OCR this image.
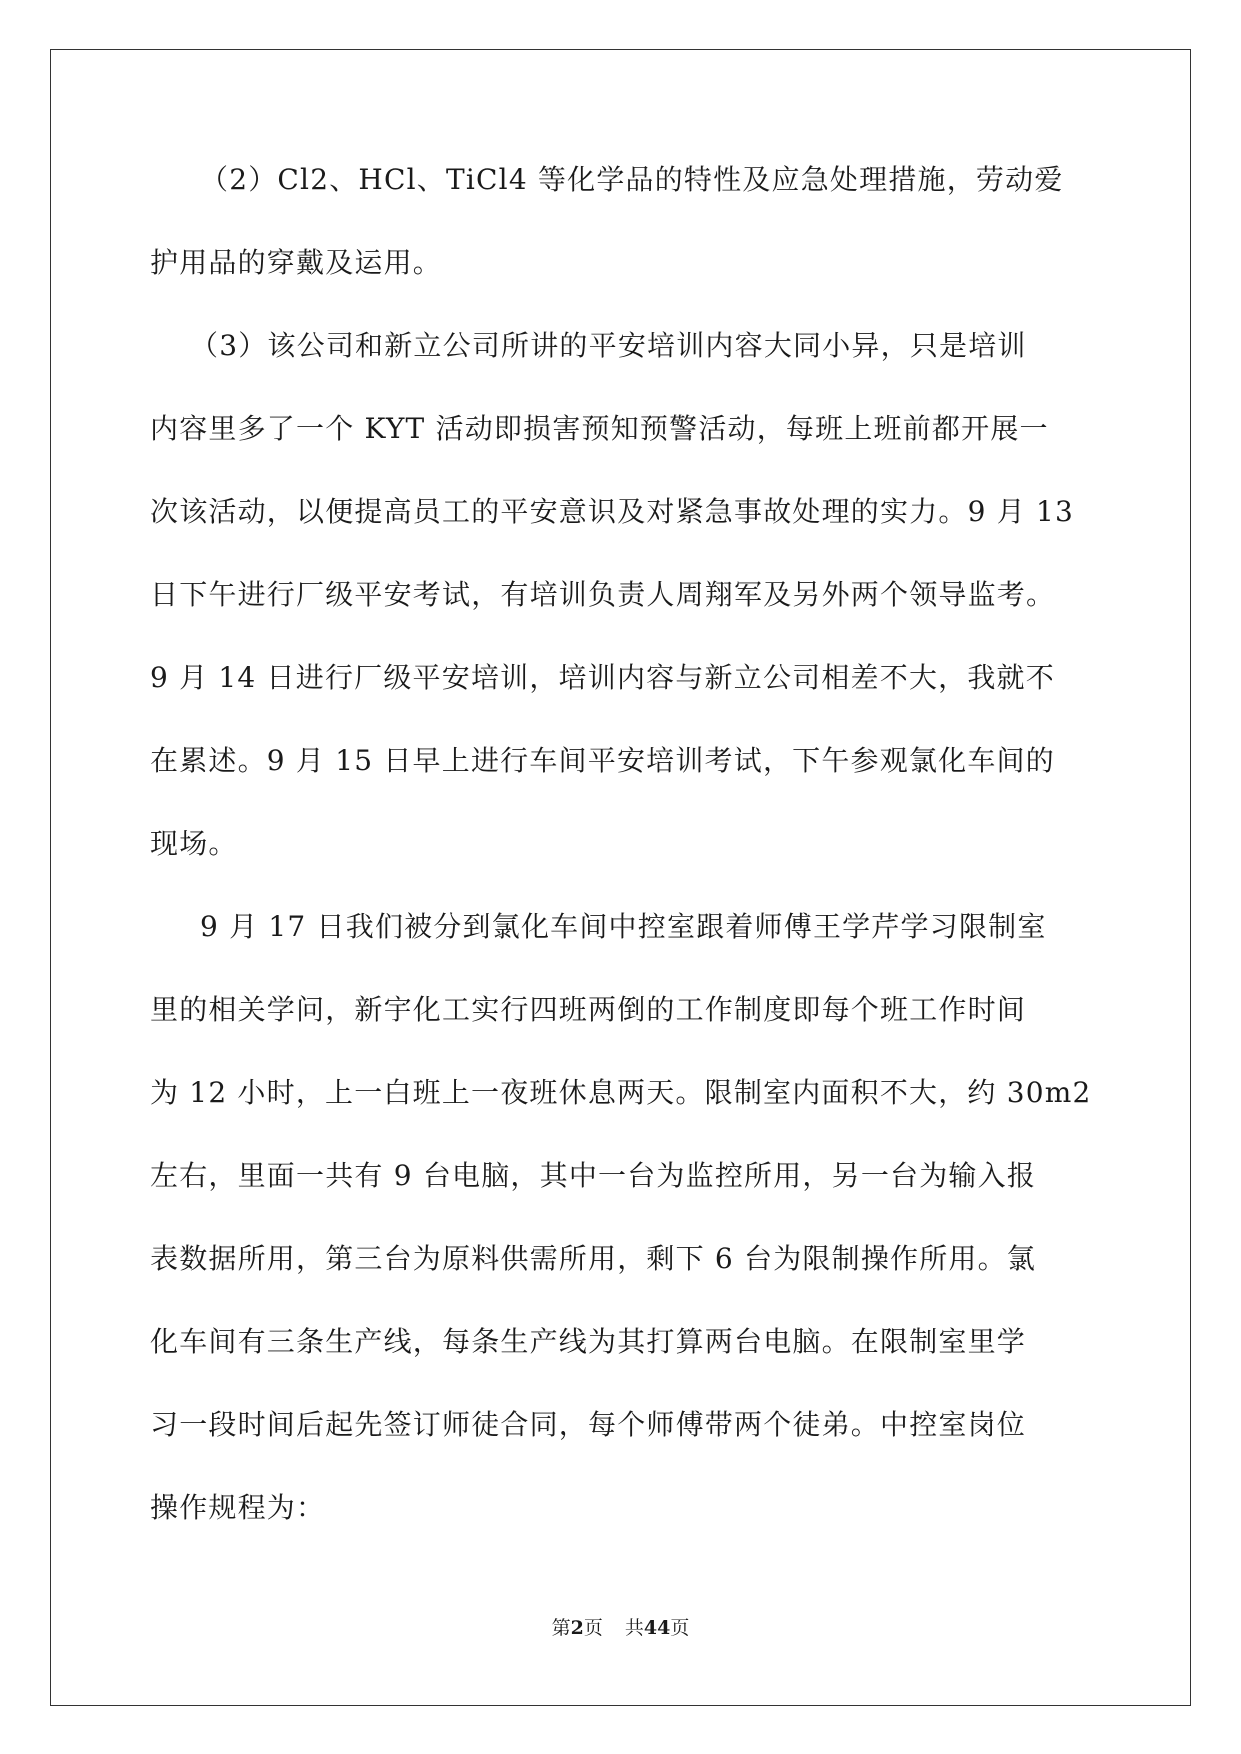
（2）Cl2、HCl、TiCl4 等化学品的特性及应急处理措施，劳动爱

护用品的穿戴及运用。

（3）该公司和新立公司所讲的平安培训内容大同小异，只是培训

内容里多了一个 KYT 活动即损害预知预警活动，每班上班前都开展一

次该活动，以便提高员工的平安意识及对紧急事故处理的实力。9 月 13

日下午进行厂级平安考试，有培训负责人周翔军及另外两个领导监考。

9 月 14 日进行厂级平安培训，培训内容与新立公司相差不大，我就不

在累述。9 月 15 日早上进行车间平安培训考试，下午参观氯化车间的

现场。

9 月 17 日我们被分到氯化车间中控室跟着师傅王学芹学习限制室

里的相关学问，新宇化工实行四班两倒的工作制度即每个班工作时间

为 12 小时，上一白班上一夜班休息两天。限制室内面积不大，约 30m2

左右，里面一共有 9 台电脑，其中一台为监控所用，另一台为输入报

表数据所用，第三台为原料供需所用，剩下 6 台为限制操作所用。氯

化车间有三条生产线，每条生产线为其打算两台电脑。在限制室里学

习一段时间后起先签订师徒合同，每个师傅带两个徒弟。中控室岗位

操作规程为：

第2页 共44页
